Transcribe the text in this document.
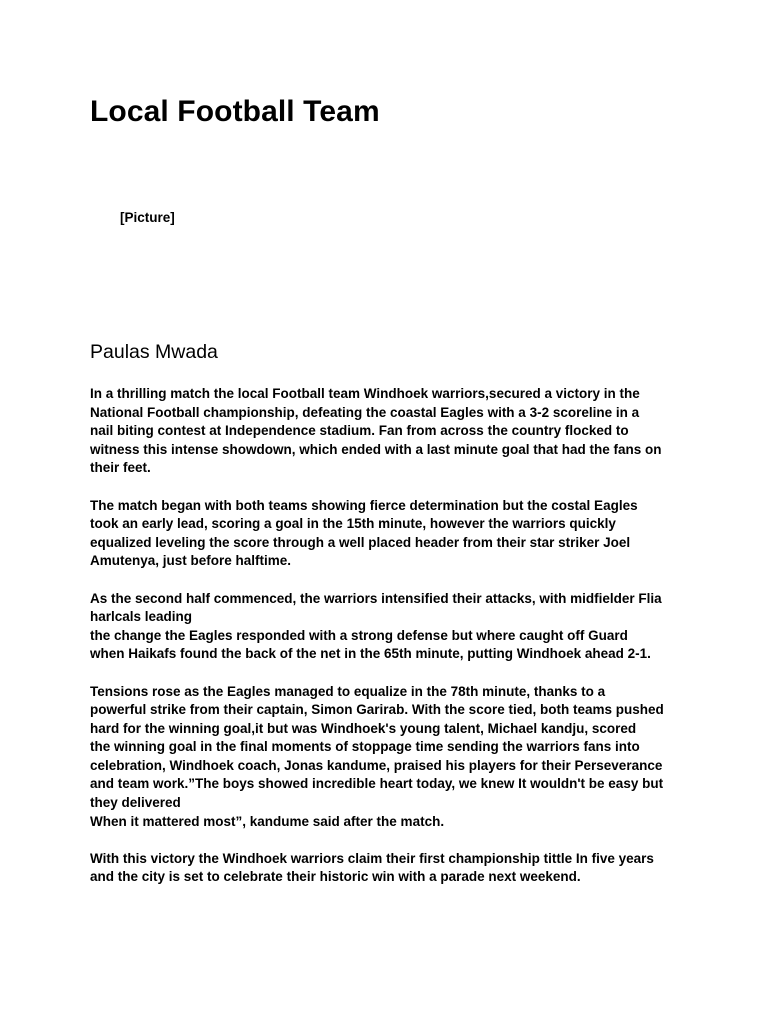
Local Football Team
[Picture]
Paulas Mwada

In a thrilling match the local Football team Windhoek warriors,secured a victory in the
National Football championship, defeating the coastal Eagles with a 3-2 scoreline in a
nail biting contest at Independence stadium. Fan from across the country flocked to
witness this intense showdown, which ended with a last minute goal that had the fans on
their feet.

The match began with both teams showing fierce determination but the costal Eagles
took an early lead, scoring a goal in the 15th minute, however the warriors quickly
equalized leveling the score through a well placed header from their star striker Joel
Amutenya, just before halftime.

As the second half commenced, the warriors intensified their attacks, with midfielder Flia
harlcals leading
the change the Eagles responded with a strong defense but where caught off Guard
when Haikafs found the back of the net in the 65th minute, putting Windhoek ahead 2-1.

Tensions rose as the Eagles managed to equalize in the 78th minute, thanks to a
powerful strike from their captain, Simon Garirab. With the score tied, both teams pushed
hard for the winning goal,it but was Windhoek's young talent, Michael kandju, scored
the winning goal in the final moments of stoppage time sending the warriors fans into
celebration, Windhoek coach, Jonas kandume, praised his players for their Perseverance
and team work.”The boys showed incredible heart today, we knew It wouldn't be easy but
they delivered
When it mattered most”, kandume said after the match.

With this victory the Windhoek warriors claim their first championship tittle In five years
and the city is set to celebrate their historic win with a parade next weekend.
